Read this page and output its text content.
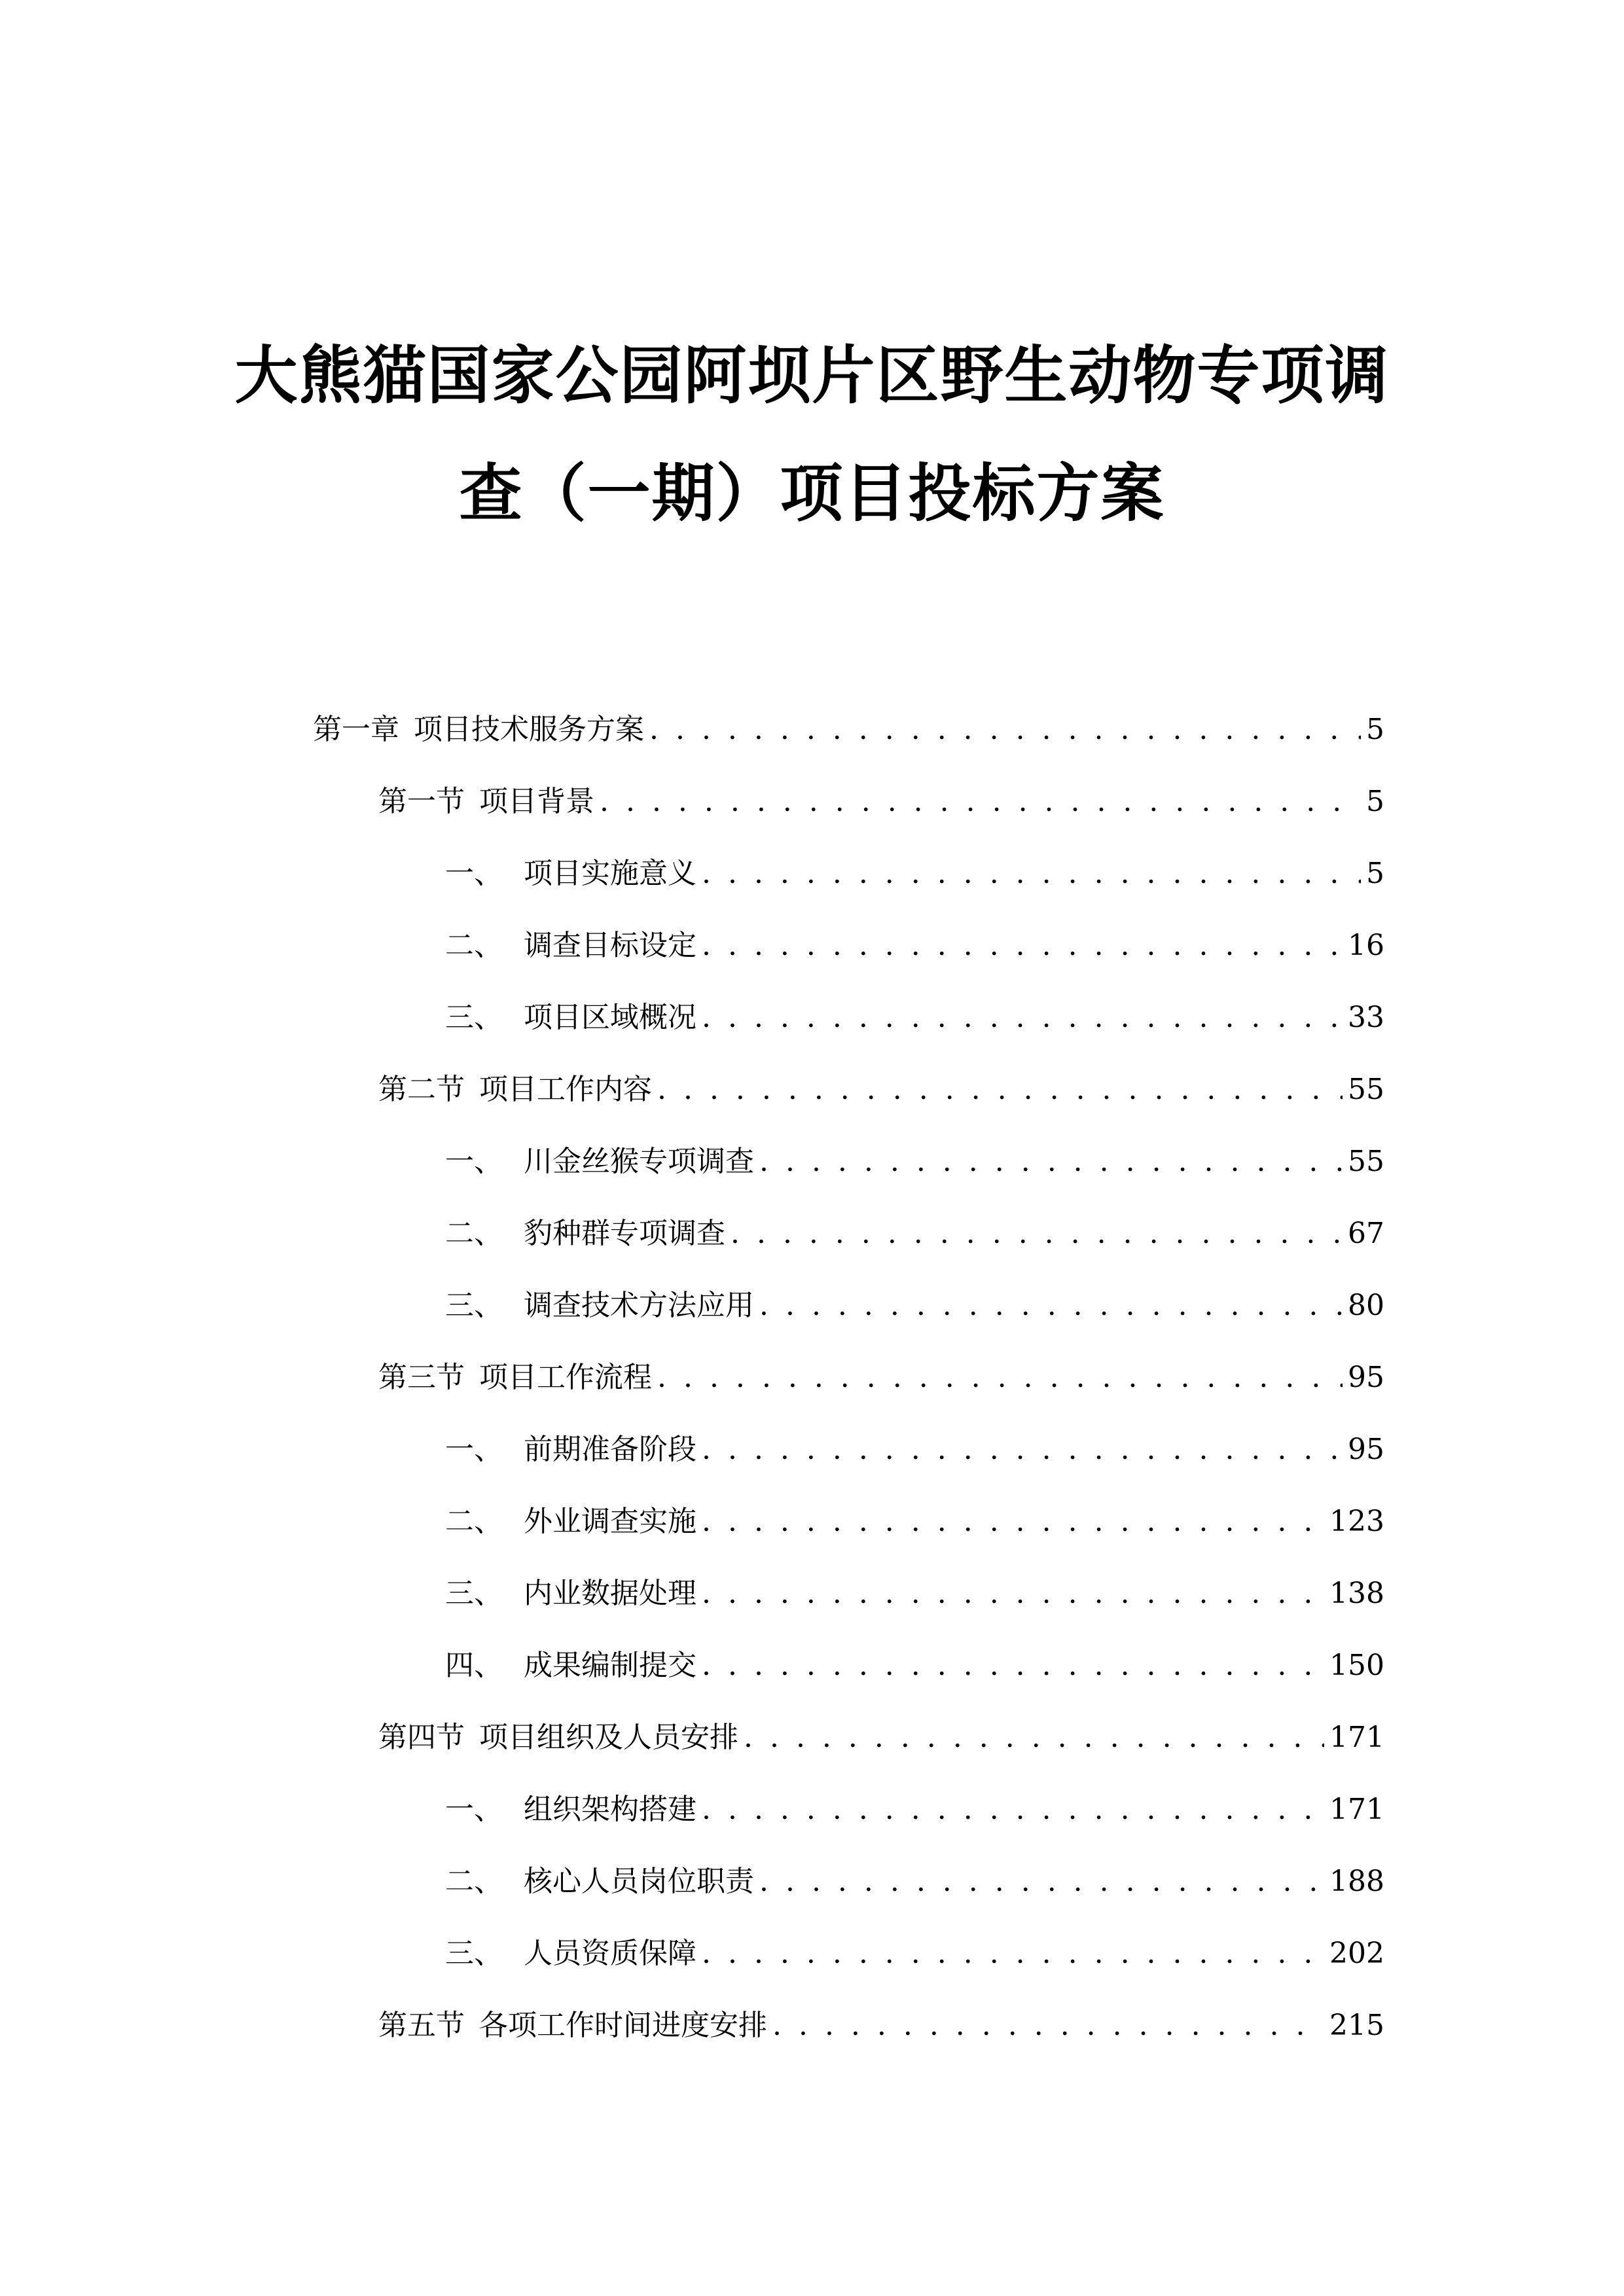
大熊猫国家公园阿坝片区野生动物专项调
查（一期）项目投标方案
第一章 项目技术服务方案 . . .	5
第一节 项目背景 . . .	5
一、 项目实施意义 . . .	5
二、 调查目标设定 . . .	16
三、 项目区域概况 . . .	33
第二节 项目工作内容 . . .	55
一、 川金丝猴专项调查 . . .	55
二、 豹种群专项调查 . . .	67
三、 调查技术方法应用 . . .	80
第三节 项目工作流程 . . .	95
一、 前期准备阶段 . . .	95
二、 外业调查实施 . . .	123
三、 内业数据处理 . . .	138
四、 成果编制提交 . . .	150
第四节 项目组织及人员安排 . . .	171
一、 组织架构搭建 . . .	171
二、 核心人员岗位职责 . . .	188
三、 人员资质保障 . . .	202
第五节 各项工作时间进度安排 . . .	215
